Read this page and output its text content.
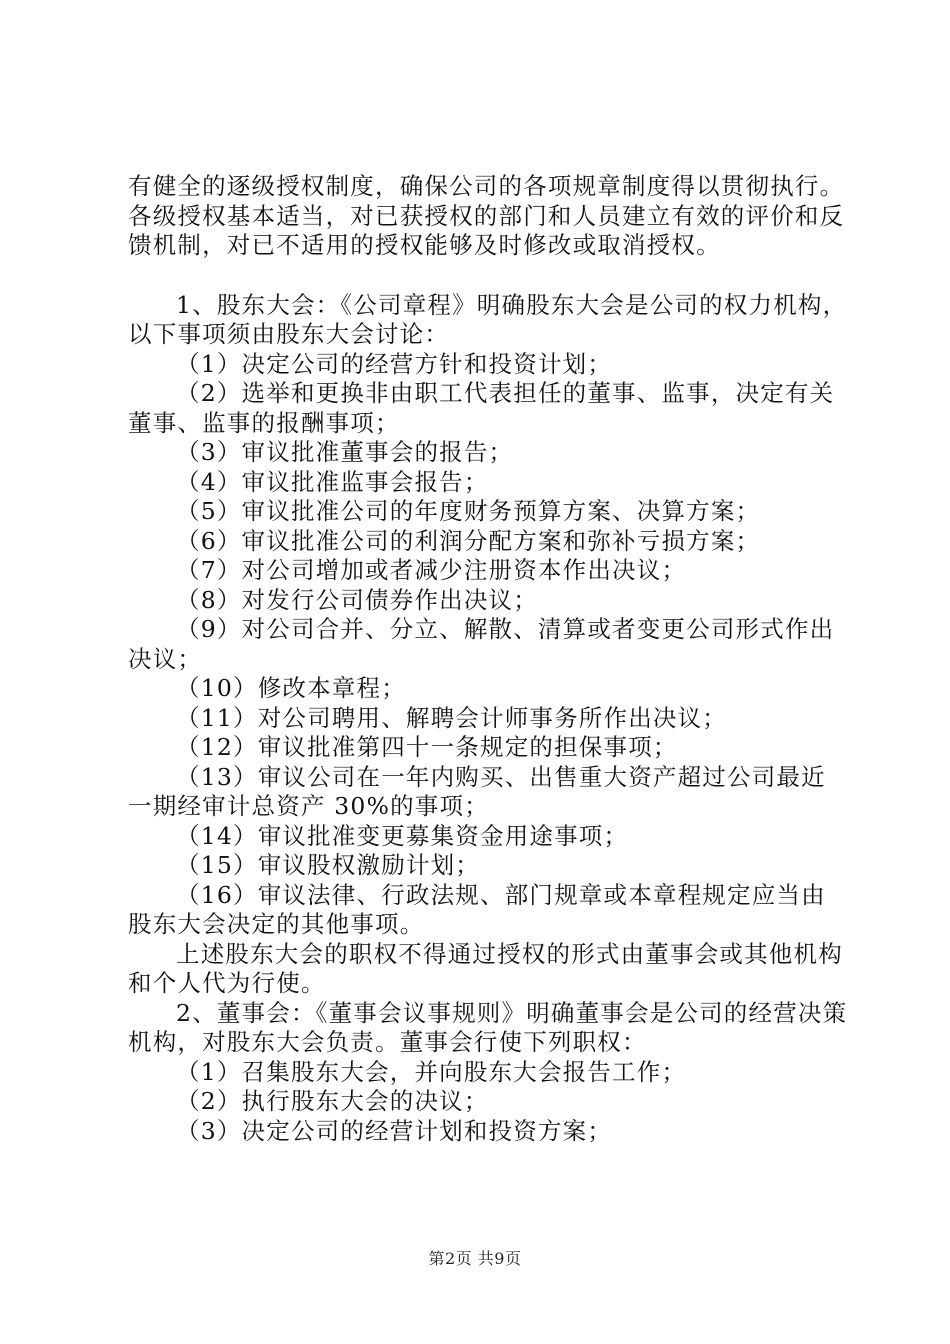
有健全的逐级授权制度，确保公司的各项规章制度得以贯彻执行。各级授权基本适当，对已获授权的部门和人员建立有效的评价和反馈机制，对已不适用的授权能够及时修改或取消授权。

1、股东大会：《公司章程》明确股东大会是公司的权力机构，以下事项须由股东大会讨论：

（1）决定公司的经营方针和投资计划；

（2）选举和更换非由职工代表担任的董事、监事，决定有关董事、监事的报酬事项；

（3）审议批准董事会的报告；

（4）审议批准监事会报告；

（5）审议批准公司的年度财务预算方案、决算方案；

（6）审议批准公司的利润分配方案和弥补亏损方案；

（7）对公司增加或者减少注册资本作出决议；

（8）对发行公司债券作出决议；

（9）对公司合并、分立、解散、清算或者变更公司形式作出决议；

（10）修改本章程；

（11）对公司聘用、解聘会计师事务所作出决议；

（12）审议批准第四十一条规定的担保事项；

（13）审议公司在一年内购买、出售重大资产超过公司最近一期经审计总资产 30%的事项；

（14）审议批准变更募集资金用途事项；

（15）审议股权激励计划；

（16）审议法律、行政法规、部门规章或本章程规定应当由股东大会决定的其他事项。

上述股东大会的职权不得通过授权的形式由董事会或其他机构和个人代为行使。

2、董事会：《董事会议事规则》明确董事会是公司的经营决策机构，对股东大会负责。董事会行使下列职权：

（1）召集股东大会，并向股东大会报告工作；

（2）执行股东大会的决议；

（3）决定公司的经营计划和投资方案；

第2页 共9页
